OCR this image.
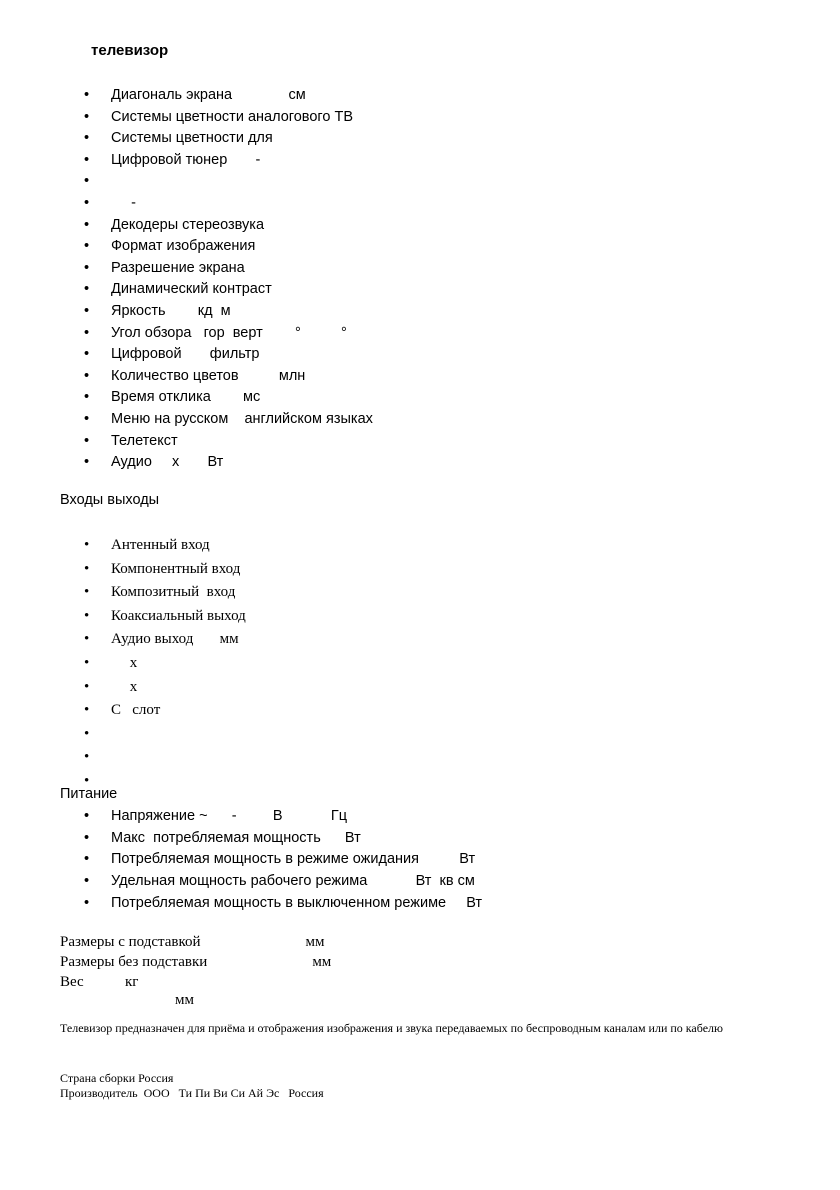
телевизор
• Диагональ экрана              см
• Системы цветности аналогового ТВ
• Системы цветности для
• Цифровой тюнер       -
•
•      -
• Декодеры стереозвука
• Формат изображения
• Разрешение экрана
• Динамический контраст
• Яркость        кд  м
• Угол обзора   гор  верт        °          °
• Цифровой       фильтр
• Количество цветов          млн
• Время отклика        мс
• Меню на русском    английском языках
• Телетекст
• Аудио     х       Вт
Входы выходы
• Антенный вход
• Компонентный вход
• Композитный  вход
• Коаксиальный выход
• Аудио выход       мм
•      х
•      х
• С   слот
•
•
•
Питание
• Напряжение ~      -         В            Гц
• Макс  потребляемая мощность      Вт
• Потребляемая мощность в режиме ожидания          Вт
• Удельная мощность рабочего режима            Вт  кв см
• Потребляемая мощность в выключенном режиме     Вт
Размеры с подставкой                            мм
Размеры без подставки                            мм
Вес           кг
мм
Телевизор предназначен для приёма и отображения изображения и звука передаваемых по беспроводным каналам или по кабелю
Страна сборки Россия
Производитель  ООО   Ти Пи Ви Си Ай Эс   Россия
